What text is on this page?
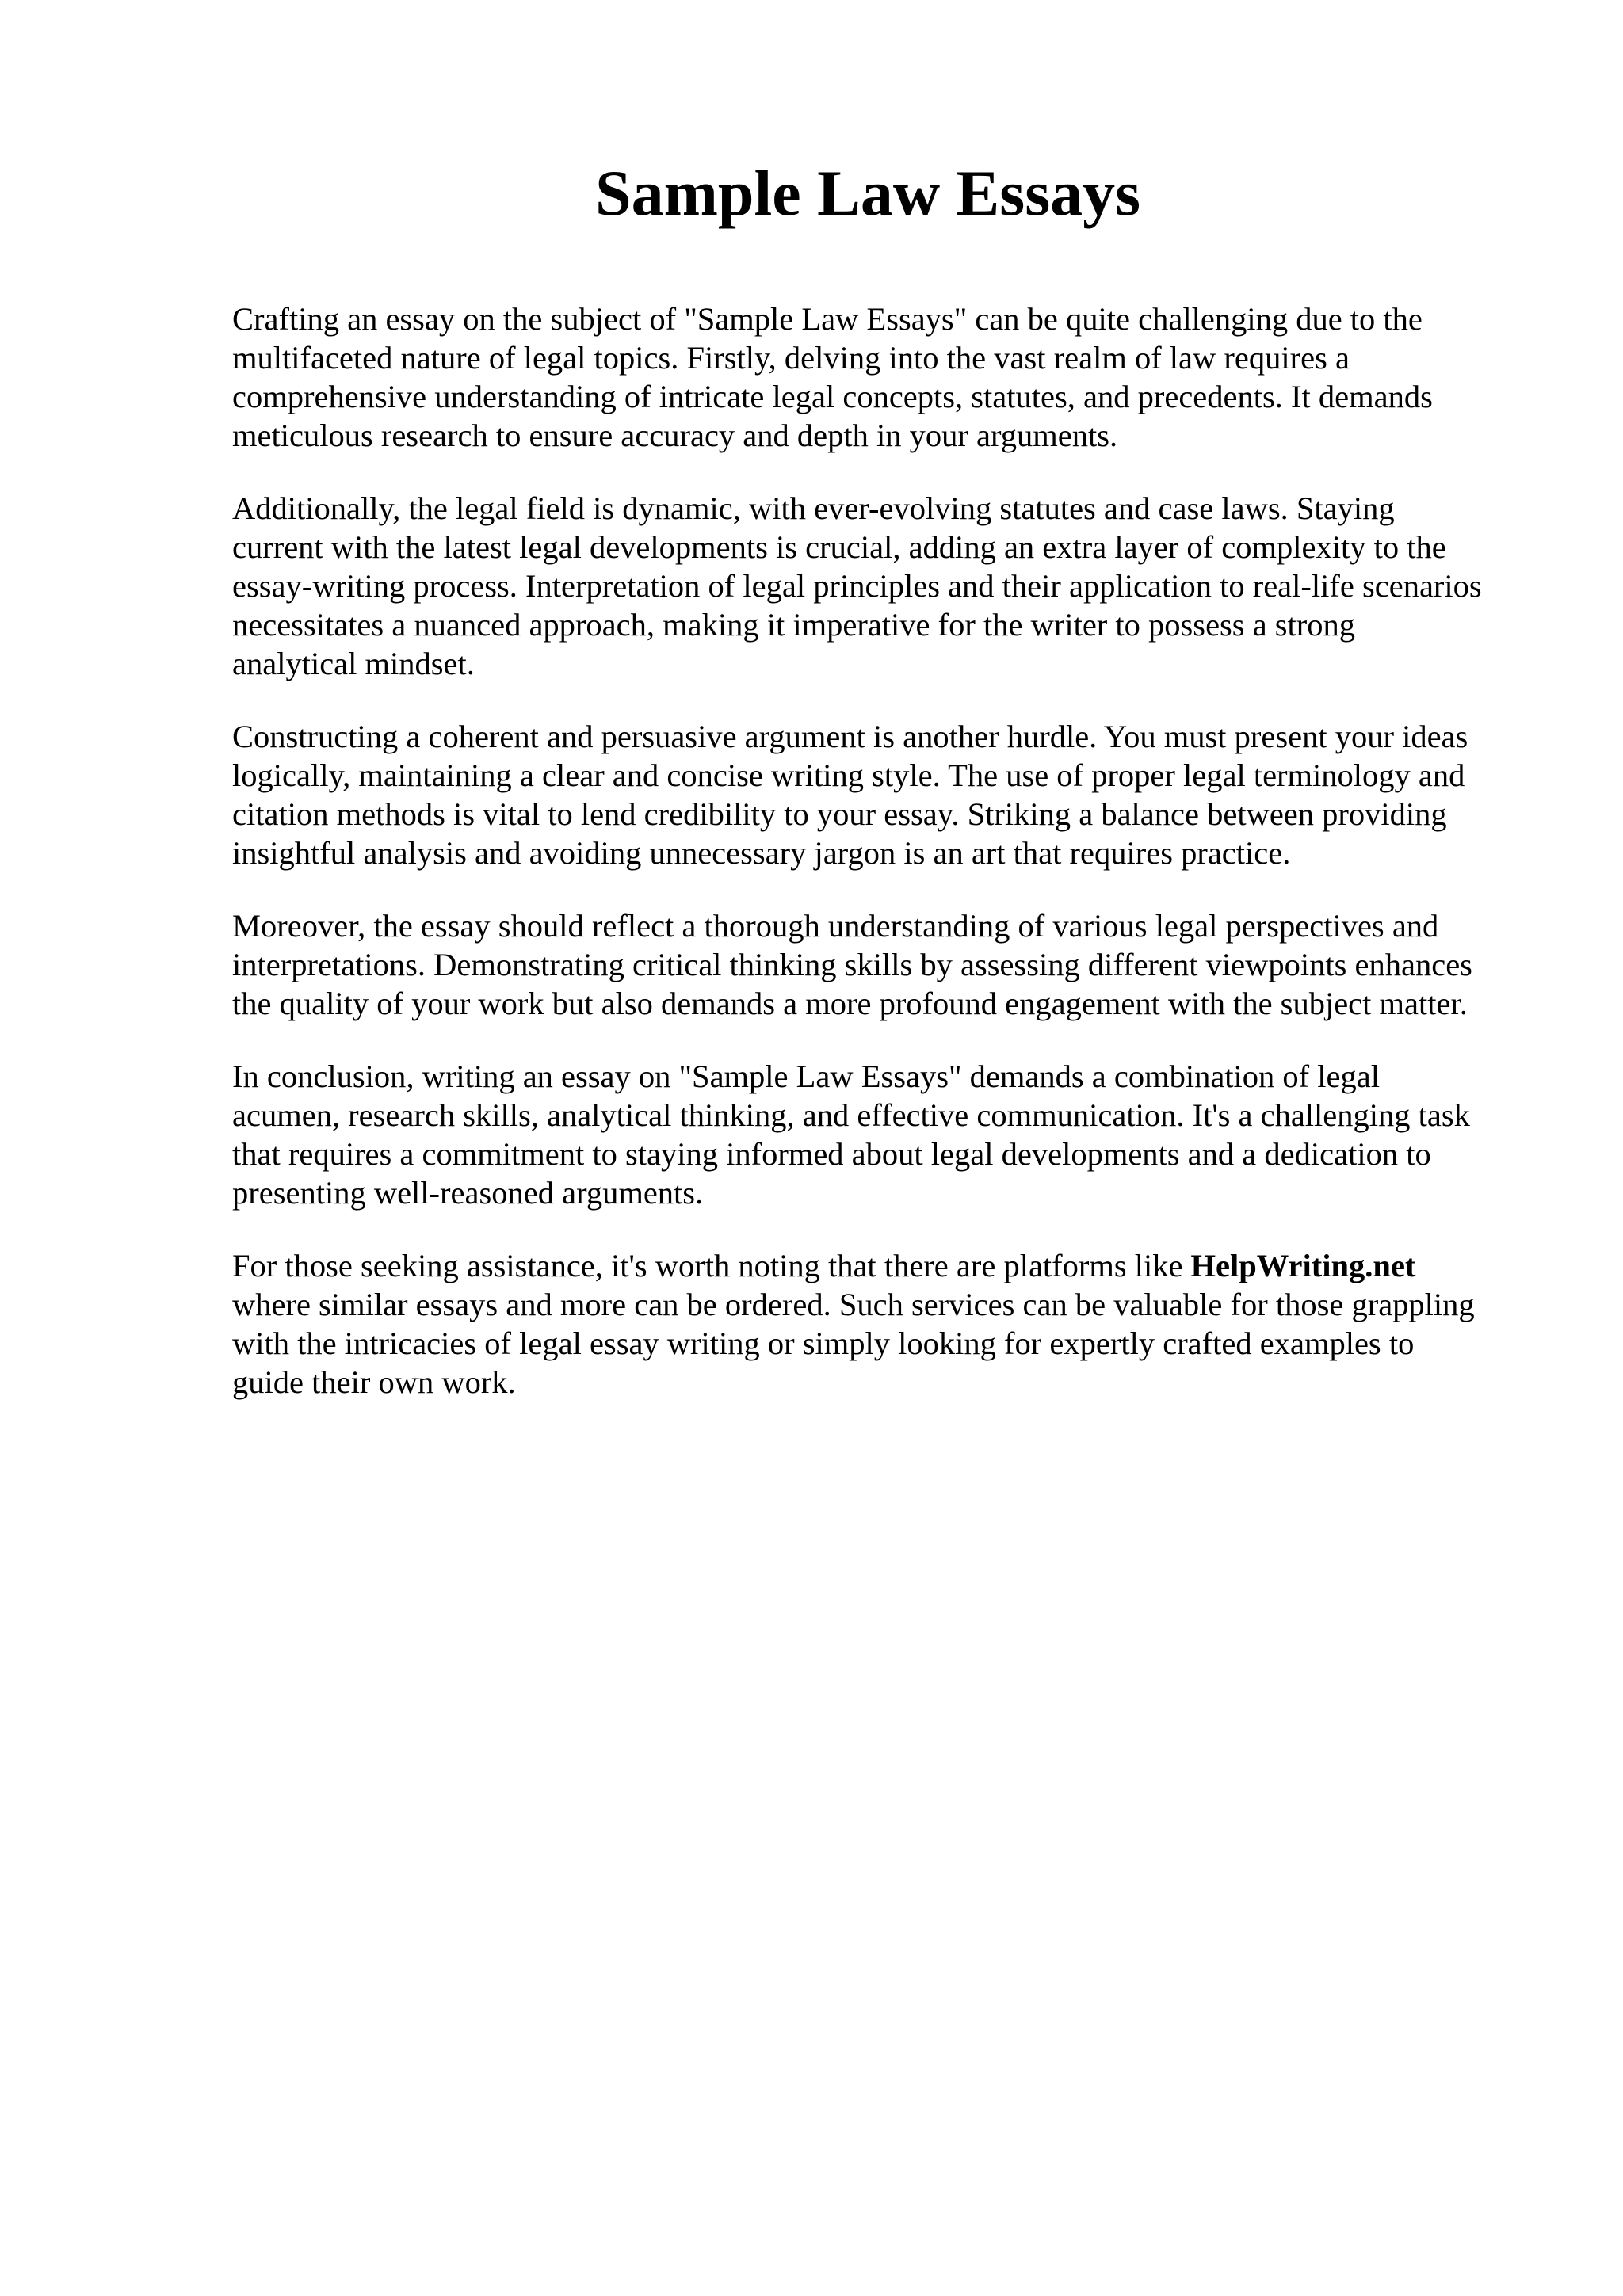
Sample Law Essays

Crafting an essay on the subject of "Sample Law Essays" can be quite challenging due to the
multifaceted nature of legal topics. Firstly, delving into the vast realm of law requires a
comprehensive understanding of intricate legal concepts, statutes, and precedents. It demands
meticulous research to ensure accuracy and depth in your arguments.

Additionally, the legal field is dynamic, with ever-evolving statutes and case laws. Staying
current with the latest legal developments is crucial, adding an extra layer of complexity to the
essay-writing process. Interpretation of legal principles and their application to real-life scenarios
necessitates a nuanced approach, making it imperative for the writer to possess a strong
analytical mindset.

Constructing a coherent and persuasive argument is another hurdle. You must present your ideas
logically, maintaining a clear and concise writing style. The use of proper legal terminology and
citation methods is vital to lend credibility to your essay. Striking a balance between providing
insightful analysis and avoiding unnecessary jargon is an art that requires practice.

Moreover, the essay should reflect a thorough understanding of various legal perspectives and
interpretations. Demonstrating critical thinking skills by assessing different viewpoints enhances
the quality of your work but also demands a more profound engagement with the subject matter.

In conclusion, writing an essay on "Sample Law Essays" demands a combination of legal
acumen, research skills, analytical thinking, and effective communication. It's a challenging task
that requires a commitment to staying informed about legal developments and a dedication to
presenting well-reasoned arguments.

For those seeking assistance, it's worth noting that there are platforms like HelpWriting.net
where similar essays and more can be ordered. Such services can be valuable for those grappling
with the intricacies of legal essay writing or simply looking for expertly crafted examples to
guide their own work.
